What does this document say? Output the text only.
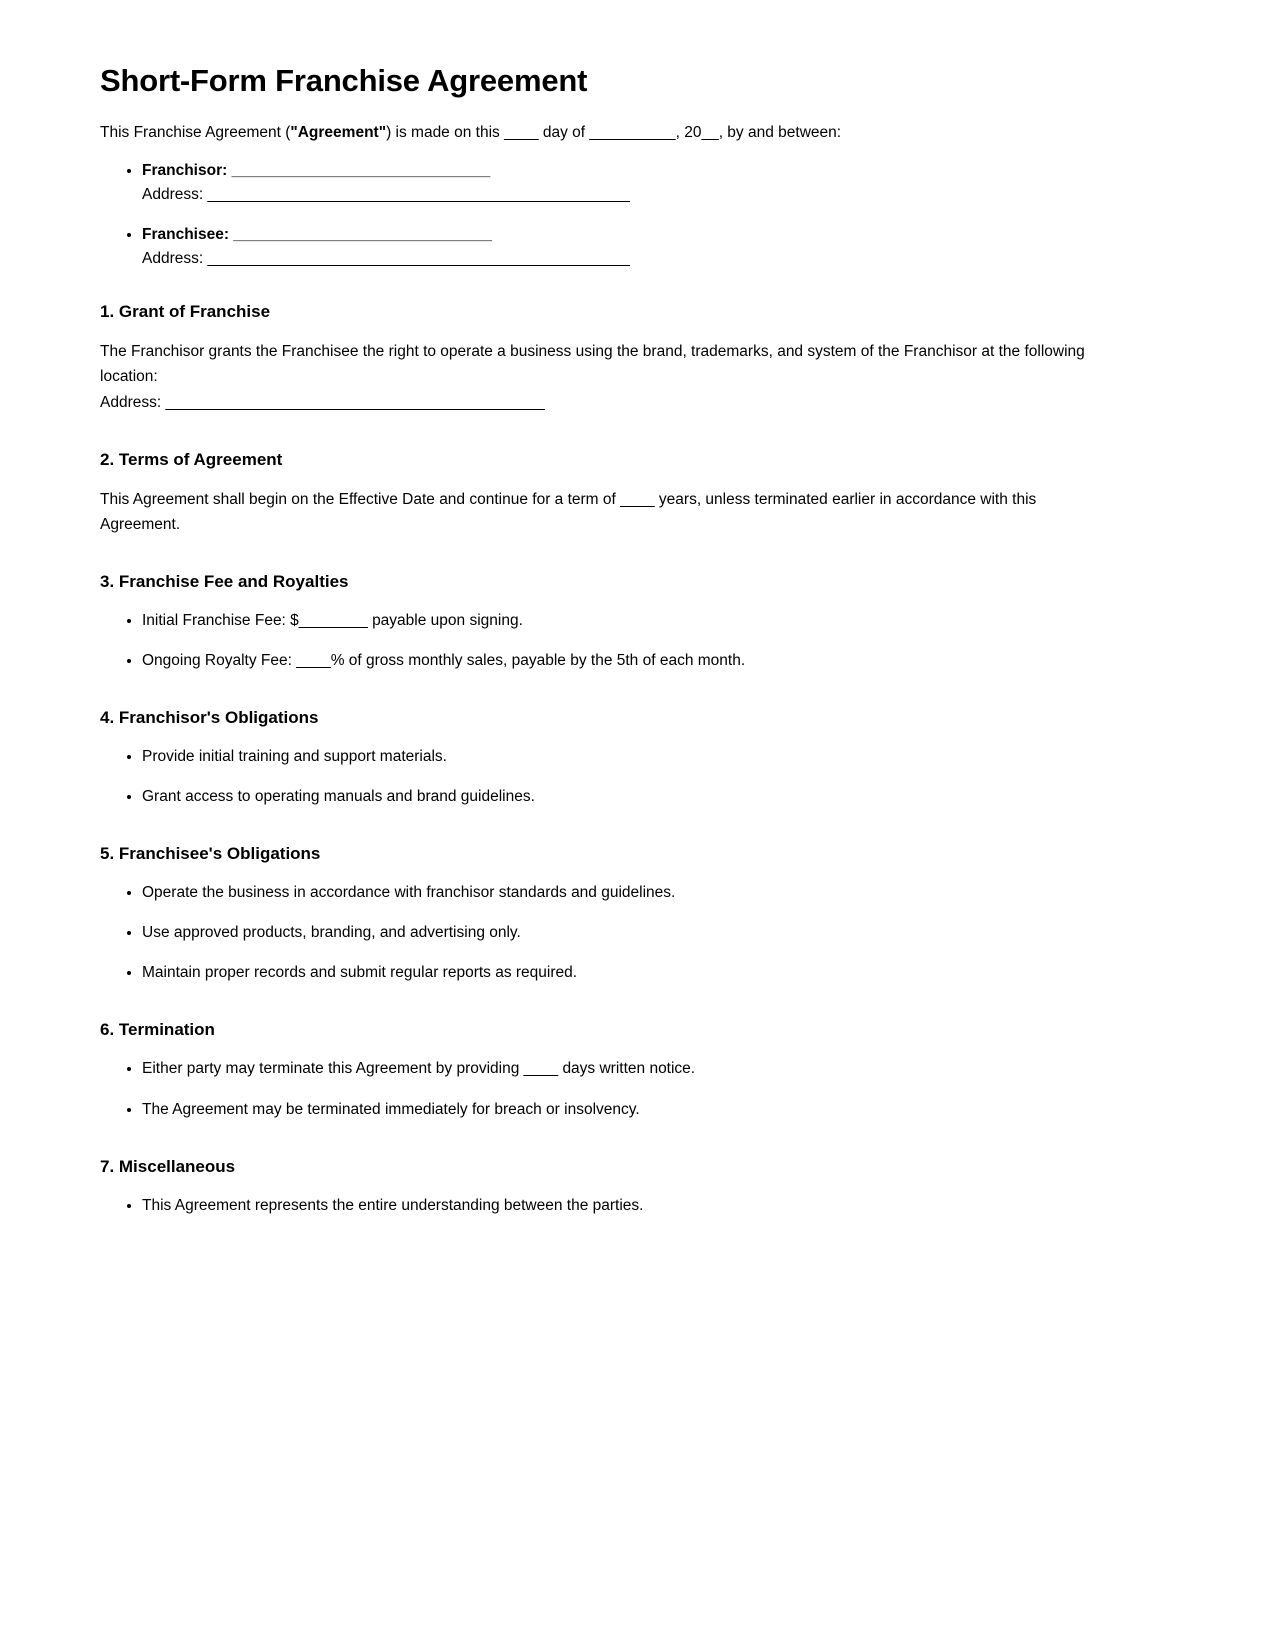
Short-Form Franchise Agreement

This Franchise Agreement ("Agreement") is made on this ____ day of __________, 20__, by and between:

• Franchisor: ______________________________
Address: _________________________________________________
• Franchisee: ______________________________
Address: _________________________________________________
1. Grant of Franchise

The Franchisor grants the Franchisee the right to operate a business using the brand, trademarks, and system of the Franchisor at the following location:
Address: ____________________________________________

2. Terms of Agreement

This Agreement shall begin on the Effective Date and continue for a term of ____ years, unless terminated earlier in accordance with this Agreement.

3. Franchise Fee and Royalties
• Initial Franchise Fee: $________ payable upon signing.
• Ongoing Royalty Fee: ____% of gross monthly sales, payable by the 5th of each month.
4. Franchisor's Obligations
• Provide initial training and support materials.
• Grant access to operating manuals and brand guidelines.
5. Franchisee's Obligations
• Operate the business in accordance with franchisor standards and guidelines.
• Use approved products, branding, and advertising only.
• Maintain proper records and submit regular reports as required.
6. Termination
• Either party may terminate this Agreement by providing ____ days written notice.
• The Agreement may be terminated immediately for breach or insolvency.
7. Miscellaneous
• This Agreement represents the entire understanding between the parties.
